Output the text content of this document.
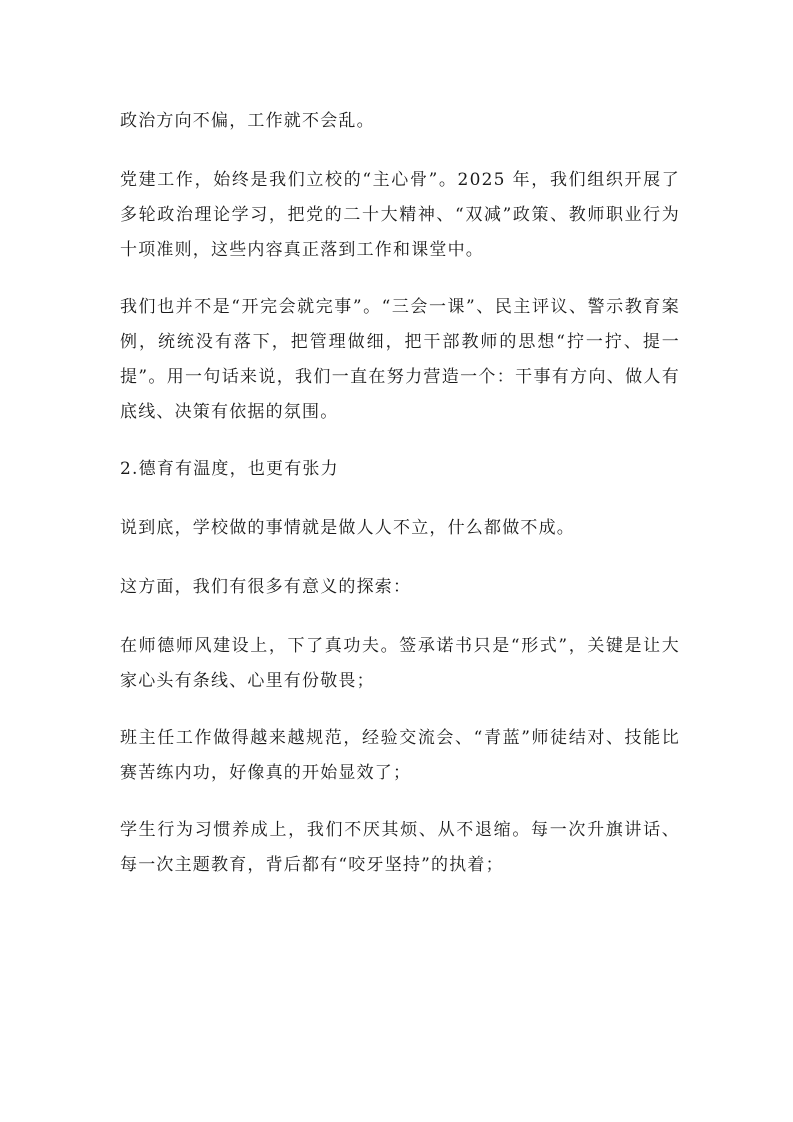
政治方向不偏，工作就不会乱。

党建工作，始终是我们立校的“主心骨”。2025 年，我们组织开展了多轮政治理论学习，把党的二十大精神、“双减”政策、教师职业行为十项准则，这些内容真正落到工作和课堂中。

我们也并不是“开完会就完事”。“三会一课”、民主评议、警示教育案例，统统没有落下，把管理做细，把干部教师的思想“拧一拧、提一提”。用一句话来说，我们一直在努力营造一个：干事有方向、做人有底线、决策有依据的氛围。

2.德育有温度，也更有张力

说到底，学校做的事情就是做人人不立，什么都做不成。

这方面，我们有很多有意义的探索：

在师德师风建设上，下了真功夫。签承诺书只是“形式”，关键是让大家心头有条线、心里有份敬畏；

班主任工作做得越来越规范，经验交流会、“青蓝”师徒结对、技能比赛苦练内功，好像真的开始显效了；

学生行为习惯养成上，我们不厌其烦、从不退缩。每一次升旗讲话、每一次主题教育，背后都有“咬牙坚持”的执着；
